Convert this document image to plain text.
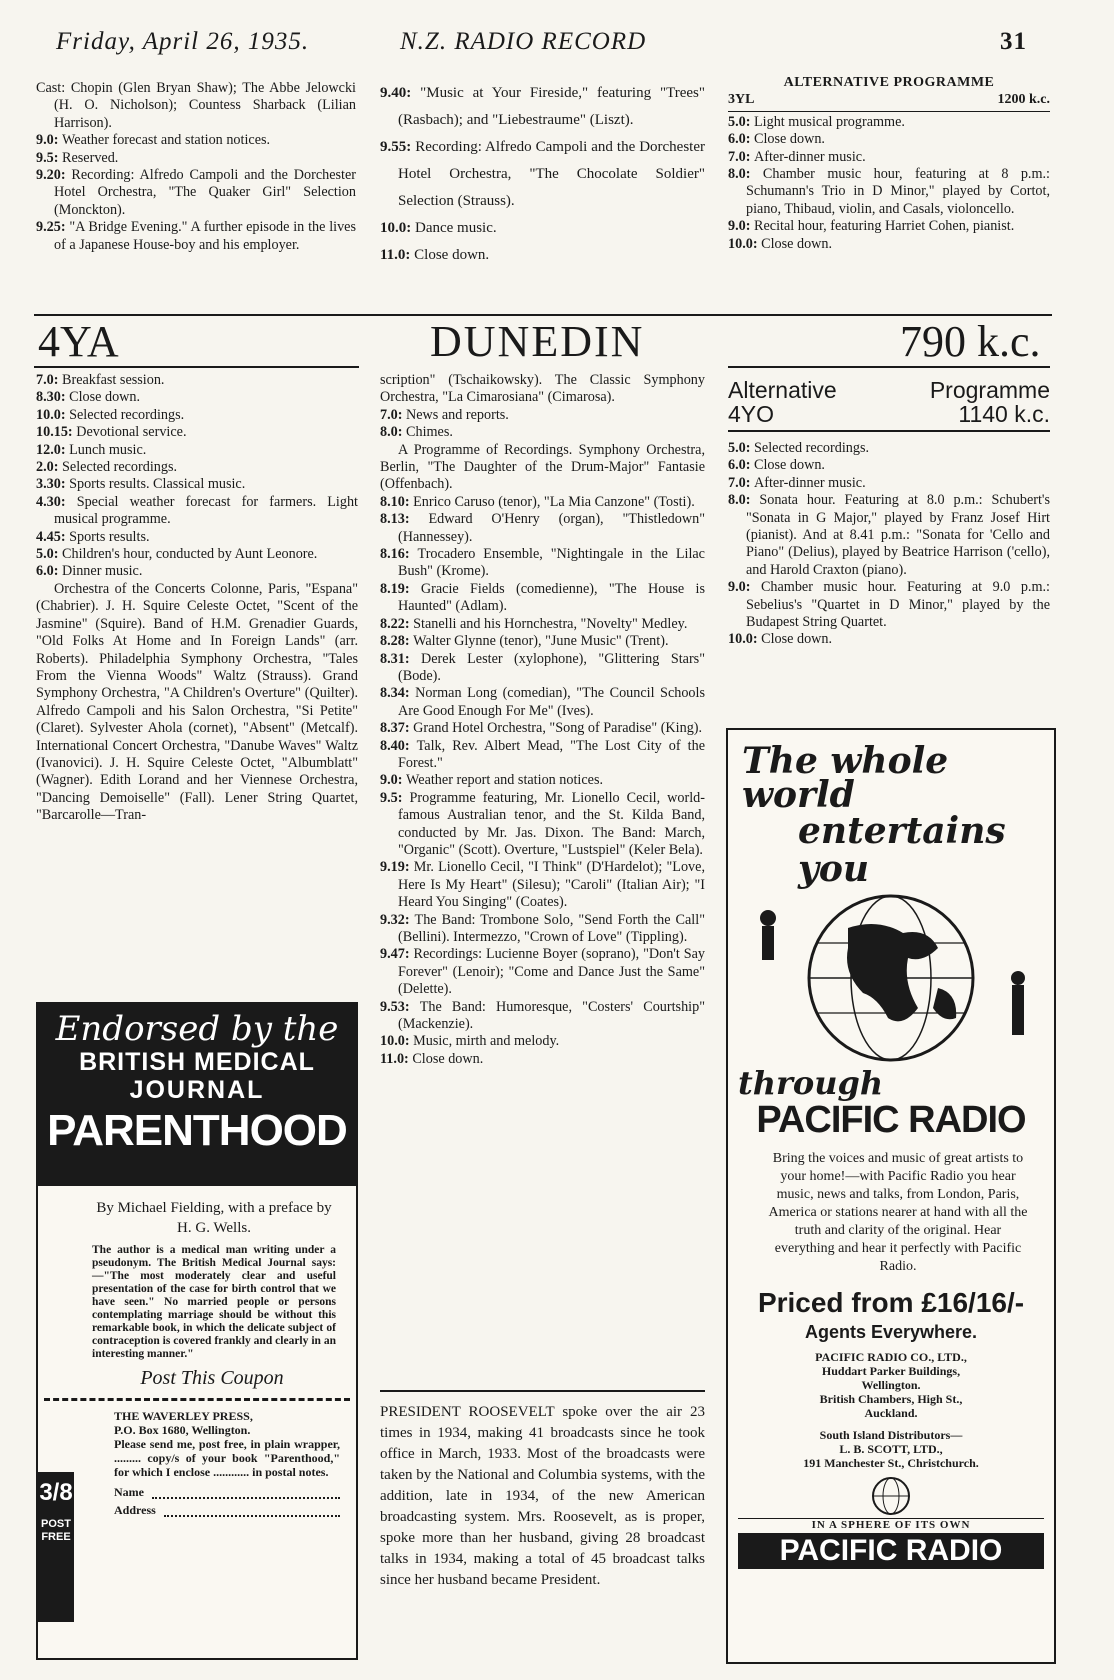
Friday, April 26, 1935.	N.Z. RADIO RECORD	31

Cast: Chopin (Glen Bryan Shaw); The Abbe Jelowcki (H. O. Nicholson); Countess Sharback (Lilian Harrison).

9.0: Weather forecast and station notices.

9.5: Reserved.

9.20: Recording: Alfredo Campoli and the Dorchester Hotel Orchestra, "The Quaker Girl" Selection (Monckton).

9.25: "A Bridge Evening." A further episode in the lives of a Japanese House-boy and his employer.

9.40: "Music at Your Fireside," featuring "Trees" (Rasbach); and "Liebestraume" (Liszt).

9.55: Recording: Alfredo Campoli and the Dorchester Hotel Orchestra, "The Chocolate Soldier" Selection (Strauss).

10.0: Dance music.

11.0: Close down.

ALTERNATIVE PROGRAMME
3YL	1200 k.c.

5.0: Light musical programme.

6.0: Close down.

7.0: After-dinner music.

8.0: Chamber music hour, featuring at 8 p.m.: Schumann's Trio in D Minor," played by Cortot, piano, Thibaud, violin, and Casals, violoncello.

9.0: Recital hour, featuring Harriet Cohen, pianist.

10.0: Close down.

4YA	DUNEDIN	790 k.c.

7.0: Breakfast session.

8.30: Close down.

10.0: Selected recordings.

10.15: Devotional service.

12.0: Lunch music.

2.0: Selected recordings.

3.30: Sports results. Classical music.

4.30: Special weather forecast for farmers. Light musical programme.

4.45: Sports results.

5.0: Children's hour, conducted by Aunt Leonore.

6.0: Dinner music.

Orchestra of the Concerts Colonne, Paris, "Espana" (Chabrier). J. H. Squire Celeste Octet, "Scent of the Jasmine" (Squire). Band of H.M. Grenadier Guards, "Old Folks At Home and In Foreign Lands" (arr. Roberts). Philadelphia Symphony Orchestra, "Tales From the Vienna Woods" Waltz (Strauss). Grand Symphony Orchestra, "A Children's Overture" (Quilter). Alfredo Campoli and his Salon Orchestra, "Si Petite" (Claret). Sylvester Ahola (cornet), "Absent" (Metcalf). International Concert Orchestra, "Danube Waves" Waltz (Ivanovici). J. H. Squire Celeste Octet, "Albumblatt" (Wagner). Edith Lorand and her Viennese Orchestra, "Dancing Demoiselle" (Fall). Lener String Quartet, "Barcarolle—Tran-

scription" (Tschaikowsky). The Classic Symphony Orchestra, "La Cimarosiana" (Cimarosa).

7.0: News and reports.

8.0: Chimes.

A Programme of Recordings. Symphony Orchestra, Berlin, "The Daughter of the Drum-Major" Fantasie (Offenbach).

8.10: Enrico Caruso (tenor), "La Mia Canzone" (Tosti).

8.13: Edward O'Henry (organ), "Thistledown" (Hannessey).

8.16: Trocadero Ensemble, "Nightingale in the Lilac Bush" (Krome).

8.19: Gracie Fields (comedienne), "The House is Haunted" (Adlam).

8.22: Stanelli and his Hornchestra, "Novelty" Medley.

8.28: Walter Glynne (tenor), "June Music" (Trent).

8.31: Derek Lester (xylophone), "Glittering Stars" (Bode).

8.34: Norman Long (comedian), "The Council Schools Are Good Enough For Me" (Ives).

8.37: Grand Hotel Orchestra, "Song of Paradise" (King).

8.40: Talk, Rev. Albert Mead, "The Lost City of the Forest."

9.0: Weather report and station notices.

9.5: Programme featuring, Mr. Lionello Cecil, world-famous Australian tenor, and the St. Kilda Band, conducted by Mr. Jas. Dixon. The Band: March, "Organic" (Scott). Overture, "Lustspiel" (Keler Bela).

9.19: Mr. Lionello Cecil, "I Think" (D'Hardelot); "Love, Here Is My Heart" (Silesu); "Caroli" (Italian Air); "I Heard You Singing" (Coates).

9.32: The Band: Trombone Solo, "Send Forth the Call" (Bellini). Intermezzo, "Crown of Love" (Tippling).

9.47: Recordings: Lucienne Boyer (soprano), "Don't Say Forever" (Lenoir); "Come and Dance Just the Same" (Delette).

9.53: The Band: Humoresque, "Costers' Courtship" (Mackenzie).

10.0: Music, mirth and melody.

11.0: Close down.

Alternative	Programme
4YO	1140 k.c.

5.0: Selected recordings.

6.0: Close down.

7.0: After-dinner music.

8.0: Sonata hour. Featuring at 8.0 p.m.: Schubert's "Sonata in G Major," played by Franz Josef Hirt (pianist). And at 8.41 p.m.: "Sonata for 'Cello and Piano" (Delius), played by Beatrice Harrison ('cello), and Harold Craxton (piano).

9.0: Chamber music hour. Featuring at 9.0 p.m.: Sebelius's "Quartet in D Minor," played by the Budapest String Quartet.

10.0: Close down.

Endorsed by the
BRITISH MEDICAL
JOURNAL
PARENTHOOD
By Michael Fielding, with a preface by H. G. Wells.
The author is a medical man writing under a pseudonym. The British Medical Journal says:—"The most moderately clear and useful presentation of the case for birth control that we have seen." No married people or persons contemplating marriage should be without this remarkable book, in which the delicate subject of contraception is covered frankly and clearly in an interesting manner."
Post This Coupon
3/8
POST FREE
THE WAVERLEY PRESS,
P.O. Box 1680, Wellington.
Please send me, post free, in plain wrapper, ......... copy/s of your book "Parenthood," for which I enclose ............ in postal notes.
Name
Address
PRESIDENT ROOSEVELT spoke over the air 23 times in 1934, making 41 broadcasts since he took office in March, 1933. Most of the broadcasts were taken by the National and Columbia systems, with the addition, late in 1934, of the new American broadcasting system. Mrs. Roosevelt, as is proper, spoke more than her husband, giving 28 broadcast talks in 1934, making a total of 45 broadcast talks since her husband became President.
The whole world
entertains you
through
PACIFIC RADIO
Bring the voices and music of great artists to your home!—with Pacific Radio you hear music, news and talks, from London, Paris, America or stations nearer at hand with all the truth and clarity of the original. Hear everything and hear it perfectly with Pacific Radio.
Priced from £16/16/-
Agents Everywhere.
PACIFIC RADIO CO., LTD.,
Huddart Parker Buildings,
Wellington.
British Chambers, High St.,
Auckland.
South Island Distributors—
L. B. SCOTT, LTD.,
191 Manchester St., Christchurch.
IN A SPHERE OF ITS OWN
PACIFIC RADIO
